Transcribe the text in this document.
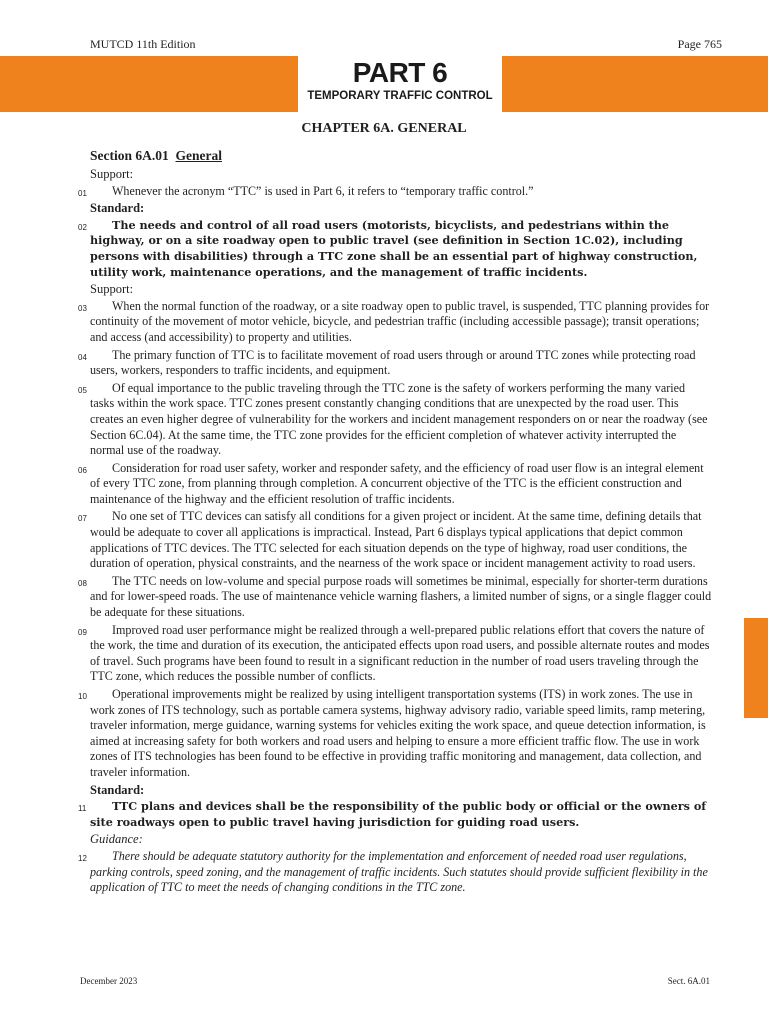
MUTCD 11th Edition	Page 765
PART 6
TEMPORARY TRAFFIC CONTROL
CHAPTER 6A. GENERAL
Section 6A.01 General
Support:
01 Whenever the acronym “TTC” is used in Part 6, it refers to “temporary traffic control.”
Standard:
02 The needs and control of all road users (motorists, bicyclists, and pedestrians within the highway, or on a site roadway open to public travel (see definition in Section 1C.02), including persons with disabilities) through a TTC zone shall be an essential part of highway construction, utility work, maintenance operations, and the management of traffic incidents.
Support:
03 When the normal function of the roadway, or a site roadway open to public travel, is suspended, TTC planning provides for continuity of the movement of motor vehicle, bicycle, and pedestrian traffic (including accessible passage); transit operations; and access (and accessibility) to property and utilities.
04 The primary function of TTC is to facilitate movement of road users through or around TTC zones while protecting road users, workers, responders to traffic incidents, and equipment.
05 Of equal importance to the public traveling through the TTC zone is the safety of workers performing the many varied tasks within the work space. TTC zones present constantly changing conditions that are unexpected by the road user. This creates an even higher degree of vulnerability for the workers and incident management responders on or near the roadway (see Section 6C.04). At the same time, the TTC zone provides for the efficient completion of whatever activity interrupted the normal use of the roadway.
06 Consideration for road user safety, worker and responder safety, and the efficiency of road user flow is an integral element of every TTC zone, from planning through completion. A concurrent objective of the TTC is the efficient construction and maintenance of the highway and the efficient resolution of traffic incidents.
07 No one set of TTC devices can satisfy all conditions for a given project or incident. At the same time, defining details that would be adequate to cover all applications is impractical. Instead, Part 6 displays typical applications that depict common applications of TTC devices. The TTC selected for each situation depends on the type of highway, road user conditions, the duration of operation, physical constraints, and the nearness of the work space or incident management activity to road users.
08 The TTC needs on low-volume and special purpose roads will sometimes be minimal, especially for shorter-term durations and for lower-speed roads. The use of maintenance vehicle warning flashers, a limited number of signs, or a single flagger could be adequate for these situations.
09 Improved road user performance might be realized through a well-prepared public relations effort that covers the nature of the work, the time and duration of its execution, the anticipated effects upon road users, and possible alternate routes and modes of travel. Such programs have been found to result in a significant reduction in the number of road users traveling through the TTC zone, which reduces the possible number of conflicts.
10 Operational improvements might be realized by using intelligent transportation systems (ITS) in work zones. The use in work zones of ITS technology, such as portable camera systems, highway advisory radio, variable speed limits, ramp metering, traveler information, merge guidance, warning systems for vehicles exiting the work space, and queue detection information, is aimed at increasing safety for both workers and road users and helping to ensure a more efficient traffic flow. The use in work zones of ITS technologies has been found to be effective in providing traffic monitoring and management, data collection, and traveler information.
Standard:
11 TTC plans and devices shall be the responsibility of the public body or official or the owners of site roadways open to public travel having jurisdiction for guiding road users.
Guidance:
12 There should be adequate statutory authority for the implementation and enforcement of needed road user regulations, parking controls, speed zoning, and the management of traffic incidents. Such statutes should provide sufficient flexibility in the application of TTC to meet the needs of changing conditions in the TTC zone.
December 2023	Sect. 6A.01
